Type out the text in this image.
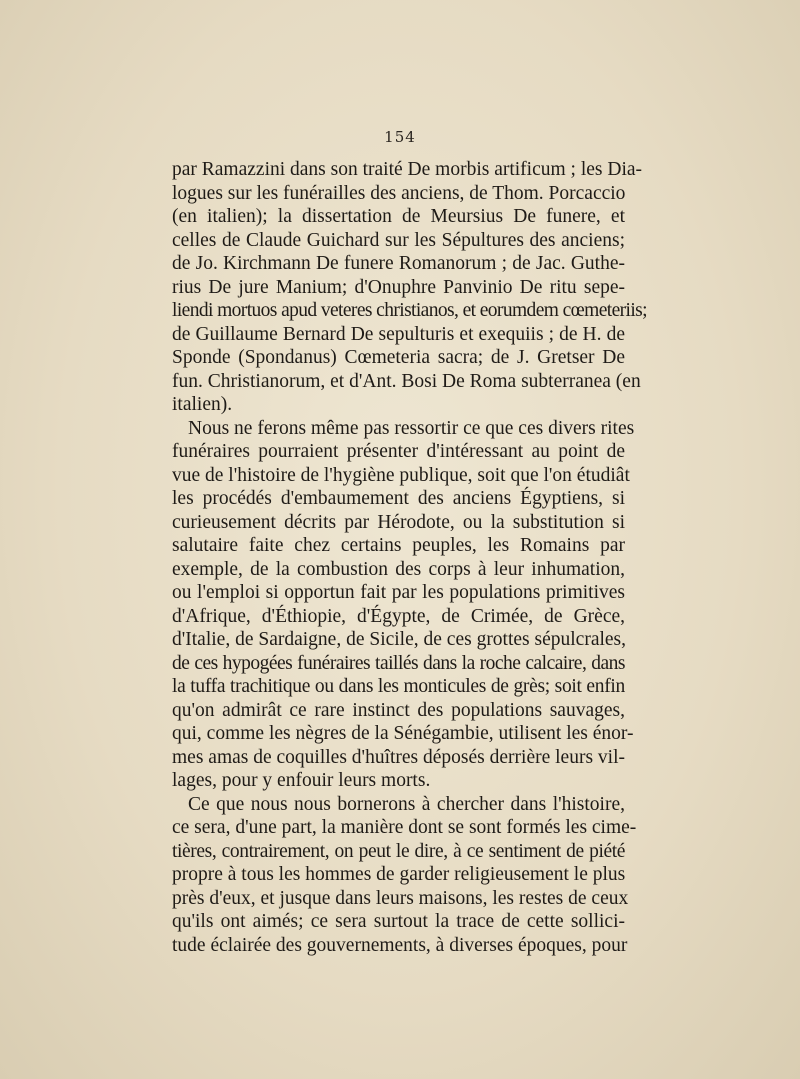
154
par Ramazzini dans son traité De morbis artificum ; les Dia-
logues sur les funérailles des anciens, de Thom. Porcaccio
(en italien); la dissertation de Meursius De funere, et
celles de Claude Guichard sur les Sépultures des anciens;
de Jo. Kirchmann De funere Romanorum ; de Jac. Guthe-
rius De jure Manium; d'Onuphre Panvinio De ritu sepe-
liendi mortuos apud veteres christianos, et eorumdem cœmeteriis;
de Guillaume Bernard De sepulturis et exequiis ; de H. de
Sponde (Spondanus) Cœmeteria sacra; de J. Gretser De
fun. Christianorum, et d'Ant. Bosi De Roma subterranea (en
italien).
Nous ne ferons même pas ressortir ce que ces divers rites
funéraires pourraient présenter d'intéressant au point de
vue de l'histoire de l'hygiène publique, soit que l'on étudiât
les procédés d'embaumement des anciens Égyptiens, si
curieusement décrits par Hérodote, ou la substitution si
salutaire faite chez certains peuples, les Romains par
exemple, de la combustion des corps à leur inhumation,
ou l'emploi si opportun fait par les populations primitives
d'Afrique, d'Éthiopie, d'Égypte, de Crimée, de Grèce,
d'Italie, de Sardaigne, de Sicile, de ces grottes sépulcrales,
de ces hypogées funéraires taillés dans la roche calcaire, dans
la tuffa trachitique ou dans les monticules de grès; soit enfin
qu'on admirât ce rare instinct des populations sauvages,
qui, comme les nègres de la Sénégambie, utilisent les énor-
mes amas de coquilles d'huîtres déposés derrière leurs vil-
lages, pour y enfouir leurs morts.
Ce que nous nous bornerons à chercher dans l'histoire,
ce sera, d'une part, la manière dont se sont formés les cime-
tières, contrairement, on peut le dire, à ce sentiment de piété
propre à tous les hommes de garder religieusement le plus
près d'eux, et jusque dans leurs maisons, les restes de ceux
qu'ils ont aimés; ce sera surtout la trace de cette sollici-
tude éclairée des gouvernements, à diverses époques, pour
